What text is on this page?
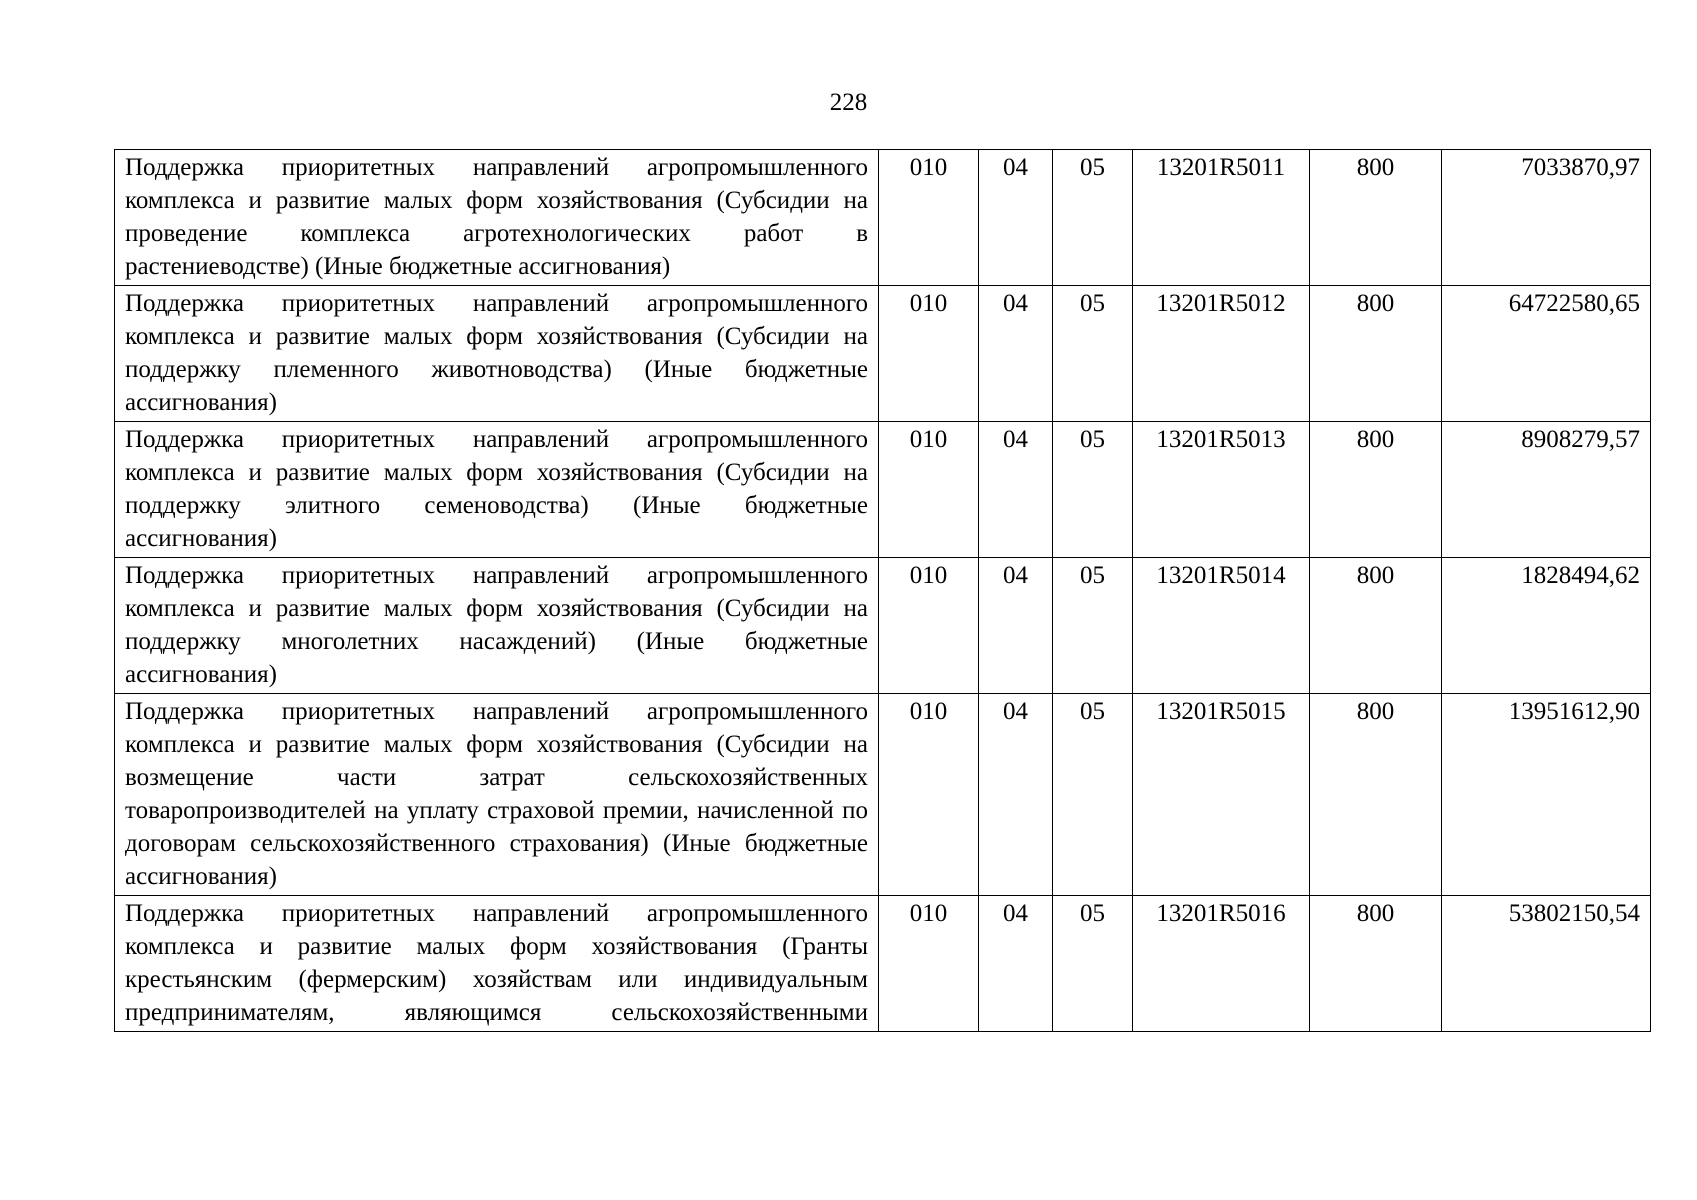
228
Поддержка приоритетных направлений агропромышленного комплекса и развитие малых форм хозяйствования (Субсидии на проведение комплекса агротехнологических работ в растениеводстве) (Иные бюджетные ассигнования)	010	04	05	13201R5011	800	7033870,97
Поддержка приоритетных направлений агропромышленного комплекса и развитие малых форм хозяйствования (Субсидии на поддержку племенного животноводства) (Иные бюджетные ассигнования)	010	04	05	13201R5012	800	64722580,65
Поддержка приоритетных направлений агропромышленного комплекса и развитие малых форм хозяйствования (Субсидии на поддержку элитного семеноводства) (Иные бюджетные ассигнования)	010	04	05	13201R5013	800	8908279,57
Поддержка приоритетных направлений агропромышленного комплекса и развитие малых форм хозяйствования (Субсидии на поддержку многолетних насаждений) (Иные бюджетные ассигнования)	010	04	05	13201R5014	800	1828494,62
Поддержка приоритетных направлений агропромышленного комплекса и развитие малых форм хозяйствования (Субсидии на возмещение части затрат сельскохозяйственных товаропроизводителей на уплату страховой премии, начисленной по договорам сельскохозяйственного страхования) (Иные бюджетные ассигнования)	010	04	05	13201R5015	800	13951612,90
Поддержка приоритетных направлений агропромышленного комплекса и развитие малых форм хозяйствования (Гранты крестьянским (фермерским) хозяйствам или индивидуальным предпринимателям, являющимся сельскохозяйственными	010	04	05	13201R5016	800	53802150,54
